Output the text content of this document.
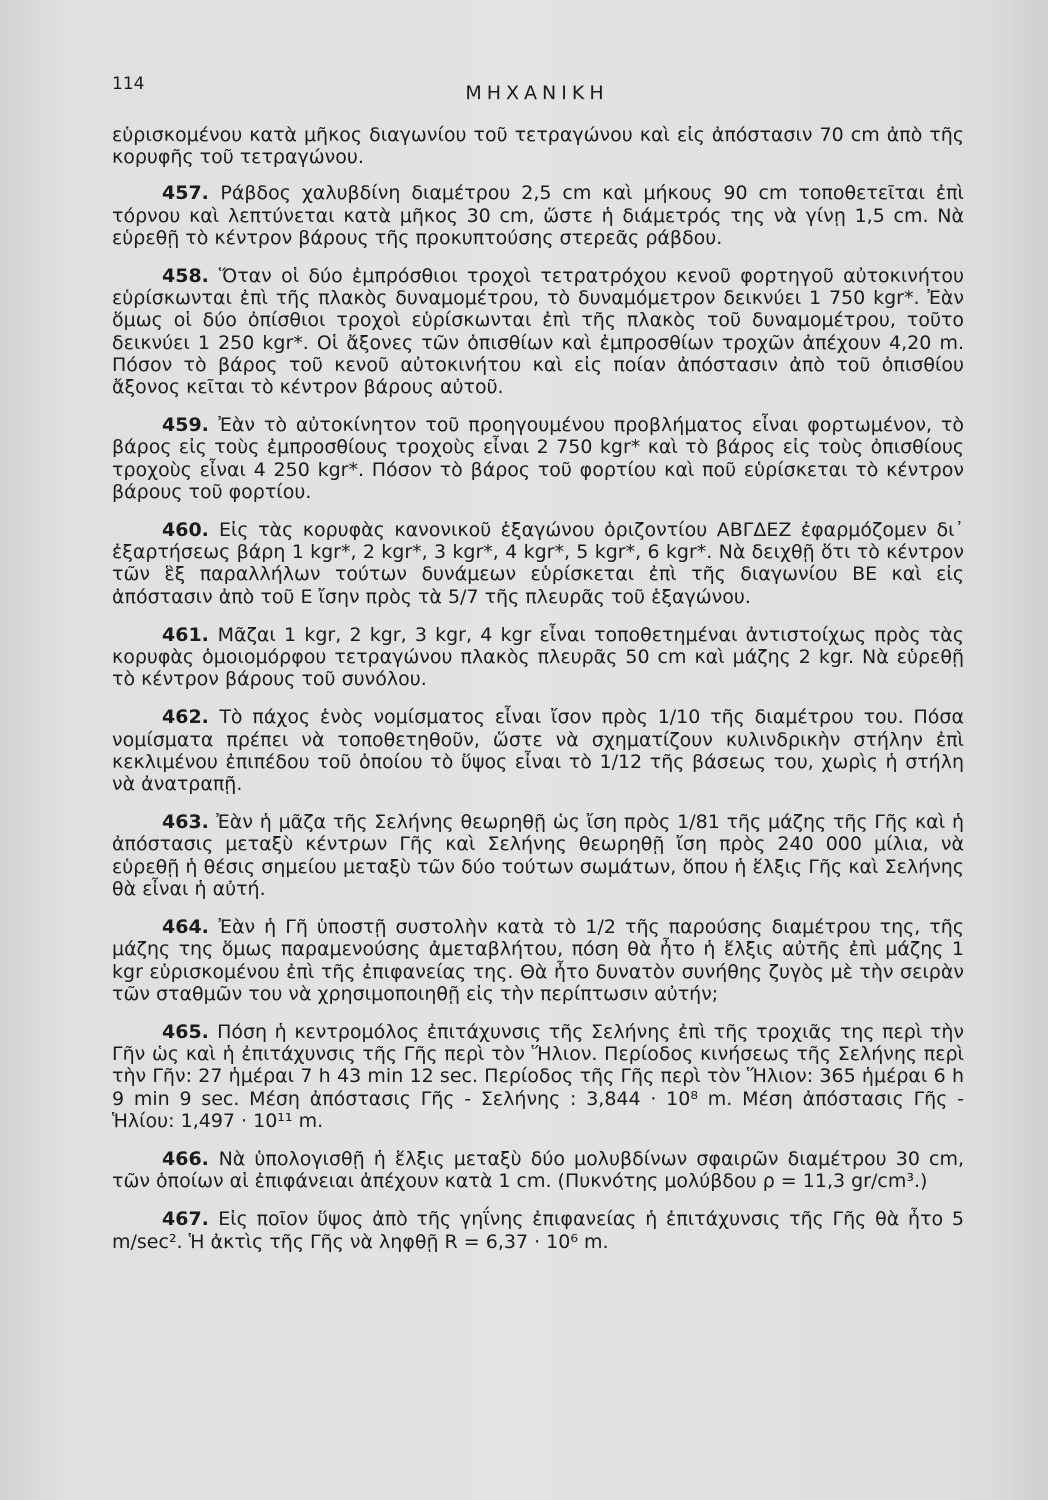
114	ΜΗΧΑΝΙΚΗ

εὑρισκομένου κατὰ μῆκος διαγωνίου τοῦ τετραγώνου καὶ εἰς ἀπόστασιν 70 cm ἀπὸ τῆς κορυφῆς τοῦ τετραγώνου.

457. Ράβδος χαλυβδίνη διαμέτρου 2,5 cm καὶ μήκους 90 cm τοποθετεῖται ἐπὶ τόρνου καὶ λεπτύνεται κατὰ μῆκος 30 cm, ὥστε ἡ διάμετρός της νὰ γίνῃ 1,5 cm. Νὰ εὑρεθῇ τὸ κέντρον βάρους τῆς προκυπτούσης στερεᾶς ράβδου.

458. Ὅταν οἱ δύο ἐμπρόσθιοι τροχοὶ τετρατρόχου κενοῦ φορτηγοῦ αὐτοκινήτου εὑρίσκωνται ἐπὶ τῆς πλακὸς δυναμομέτρου, τὸ δυναμόμετρον δεικνύει 1 750 kgr*. Ἐὰν ὅμως οἱ δύο ὀπίσθιοι τροχοὶ εὑρίσκωνται ἐπὶ τῆς πλακὸς τοῦ δυναμομέτρου, τοῦτο δεικνύει 1 250 kgr*. Οἱ ἄξονες τῶν ὀπισθίων καὶ ἐμπροσθίων τροχῶν ἀπέχουν 4,20 m. Πόσον τὸ βάρος τοῦ κενοῦ αὐτοκινήτου καὶ εἰς ποίαν ἀπόστασιν ἀπὸ τοῦ ὀπισθίου ἄξονος κεῖται τὸ κέντρον βάρους αὐτοῦ.

459. Ἐὰν τὸ αὐτοκίνητον τοῦ προηγουμένου προβλήματος εἶναι φορτωμένον, τὸ βάρος εἰς τοὺς ἐμπροσθίους τροχοὺς εἶναι 2 750 kgr* καὶ τὸ βάρος εἰς τοὺς ὀπισθίους τροχοὺς εἶναι 4 250 kgr*. Πόσον τὸ βάρος τοῦ φορτίου καὶ ποῦ εὑρίσκεται τὸ κέντρον βάρους τοῦ φορτίου.

460. Εἰς τὰς κορυφὰς κανονικοῦ ἑξαγώνου ὁριζοντίου ΑΒΓΔΕΖ ἐφαρμόζομεν δι᾿ ἐξαρτήσεως βάρη 1 kgr*, 2 kgr*, 3 kgr*, 4 kgr*, 5 kgr*, 6 kgr*. Νὰ δειχθῇ ὅτι τὸ κέντρον τῶν ἓξ παραλλήλων τούτων δυνάμεων εὑρίσκεται ἐπὶ τῆς διαγωνίου ΒΕ καὶ εἰς ἀπόστασιν ἀπὸ τοῦ Ε ἴσην πρὸς τὰ 5/7 τῆς πλευρᾶς τοῦ ἑξαγώνου.

461. Μᾶζαι 1 kgr, 2 kgr, 3 kgr, 4 kgr εἶναι τοποθετημέναι ἀντιστοίχως πρὸς τὰς κορυφὰς ὁμοιομόρφου τετραγώνου πλακὸς πλευρᾶς 50 cm καὶ μάζης 2 kgr. Νὰ εὑρεθῇ τὸ κέντρον βάρους τοῦ συνόλου.

462. Τὸ πάχος ἑνὸς νομίσματος εἶναι ἴσον πρὸς 1/10 τῆς διαμέτρου του. Πόσα νομίσματα πρέπει νὰ τοποθετηθοῦν, ὥστε νὰ σχηματίζουν κυλινδρικὴν στήλην ἐπὶ κεκλιμένου ἐπιπέδου τοῦ ὁποίου τὸ ὕψος εἶναι τὸ 1/12 τῆς βάσεως του, χωρὶς ἡ στήλη νὰ ἀνατραπῇ.

463. Ἐὰν ἡ μᾶζα τῆς Σελήνης θεωρηθῇ ὡς ἴση πρὸς 1/81 τῆς μάζης τῆς Γῆς καὶ ἡ ἀπόστασις μεταξὺ κέντρων Γῆς καὶ Σελήνης θεωρηθῇ ἴση πρὸς 240 000 μίλια, νὰ εὑρεθῇ ἡ θέσις σημείου μεταξὺ τῶν δύο τούτων σωμάτων, ὅπου ἡ ἕλξις Γῆς καὶ Σελήνης θὰ εἶναι ἡ αὐτή.

464. Ἐὰν ἡ Γῆ ὑποστῇ συστολὴν κατὰ τὸ 1/2 τῆς παρούσης διαμέτρου της, τῆς μάζης της ὅμως παραμενούσης ἀμεταβλήτου, πόση θὰ ἦτο ἡ ἕλξις αὐτῆς ἐπὶ μάζης 1 kgr εὑρισκομένου ἐπὶ τῆς ἐπιφανείας της. Θὰ ἦτο δυνατὸν συνήθης ζυγὸς μὲ τὴν σειρὰν τῶν σταθμῶν του νὰ χρησιμοποιηθῇ εἰς τὴν περίπτωσιν αὐτήν;

465. Πόση ἡ κεντρομόλος ἐπιτάχυνσις τῆς Σελήνης ἐπὶ τῆς τροχιᾶς της περὶ τὴν Γῆν ὡς καὶ ἡ ἐπιτάχυνσις τῆς Γῆς περὶ τὸν Ἥλιον. Περίοδος κινήσεως τῆς Σελήνης περὶ τὴν Γῆν: 27 ἡμέραι 7 h 43 min 12 sec. Περίοδος τῆς Γῆς περὶ τὸν Ἥλιον: 365 ἡμέραι 6 h 9 min 9 sec. Μέση ἀπόστασις Γῆς - Σελήνης : 3,844 · 10⁸ m. Μέση ἀπόστασις Γῆς - Ἡλίου: 1,497 · 10¹¹ m.

466. Νὰ ὑπολογισθῇ ἡ ἕλξις μεταξὺ δύο μολυβδίνων σφαιρῶν διαμέτρου 30 cm, τῶν ὁποίων αἱ ἐπιφάνειαι ἀπέχουν κατὰ 1 cm. (Πυκνότης μολύβδου ρ = 11,3 gr/cm³.)

467. Εἰς ποῖον ὕψος ἀπὸ τῆς γηΐνης ἐπιφανείας ἡ ἐπιτάχυνσις τῆς Γῆς θὰ ἦτο 5 m/sec². Ἡ ἀκτὶς τῆς Γῆς νὰ ληφθῇ R = 6,37 · 10⁶ m.
